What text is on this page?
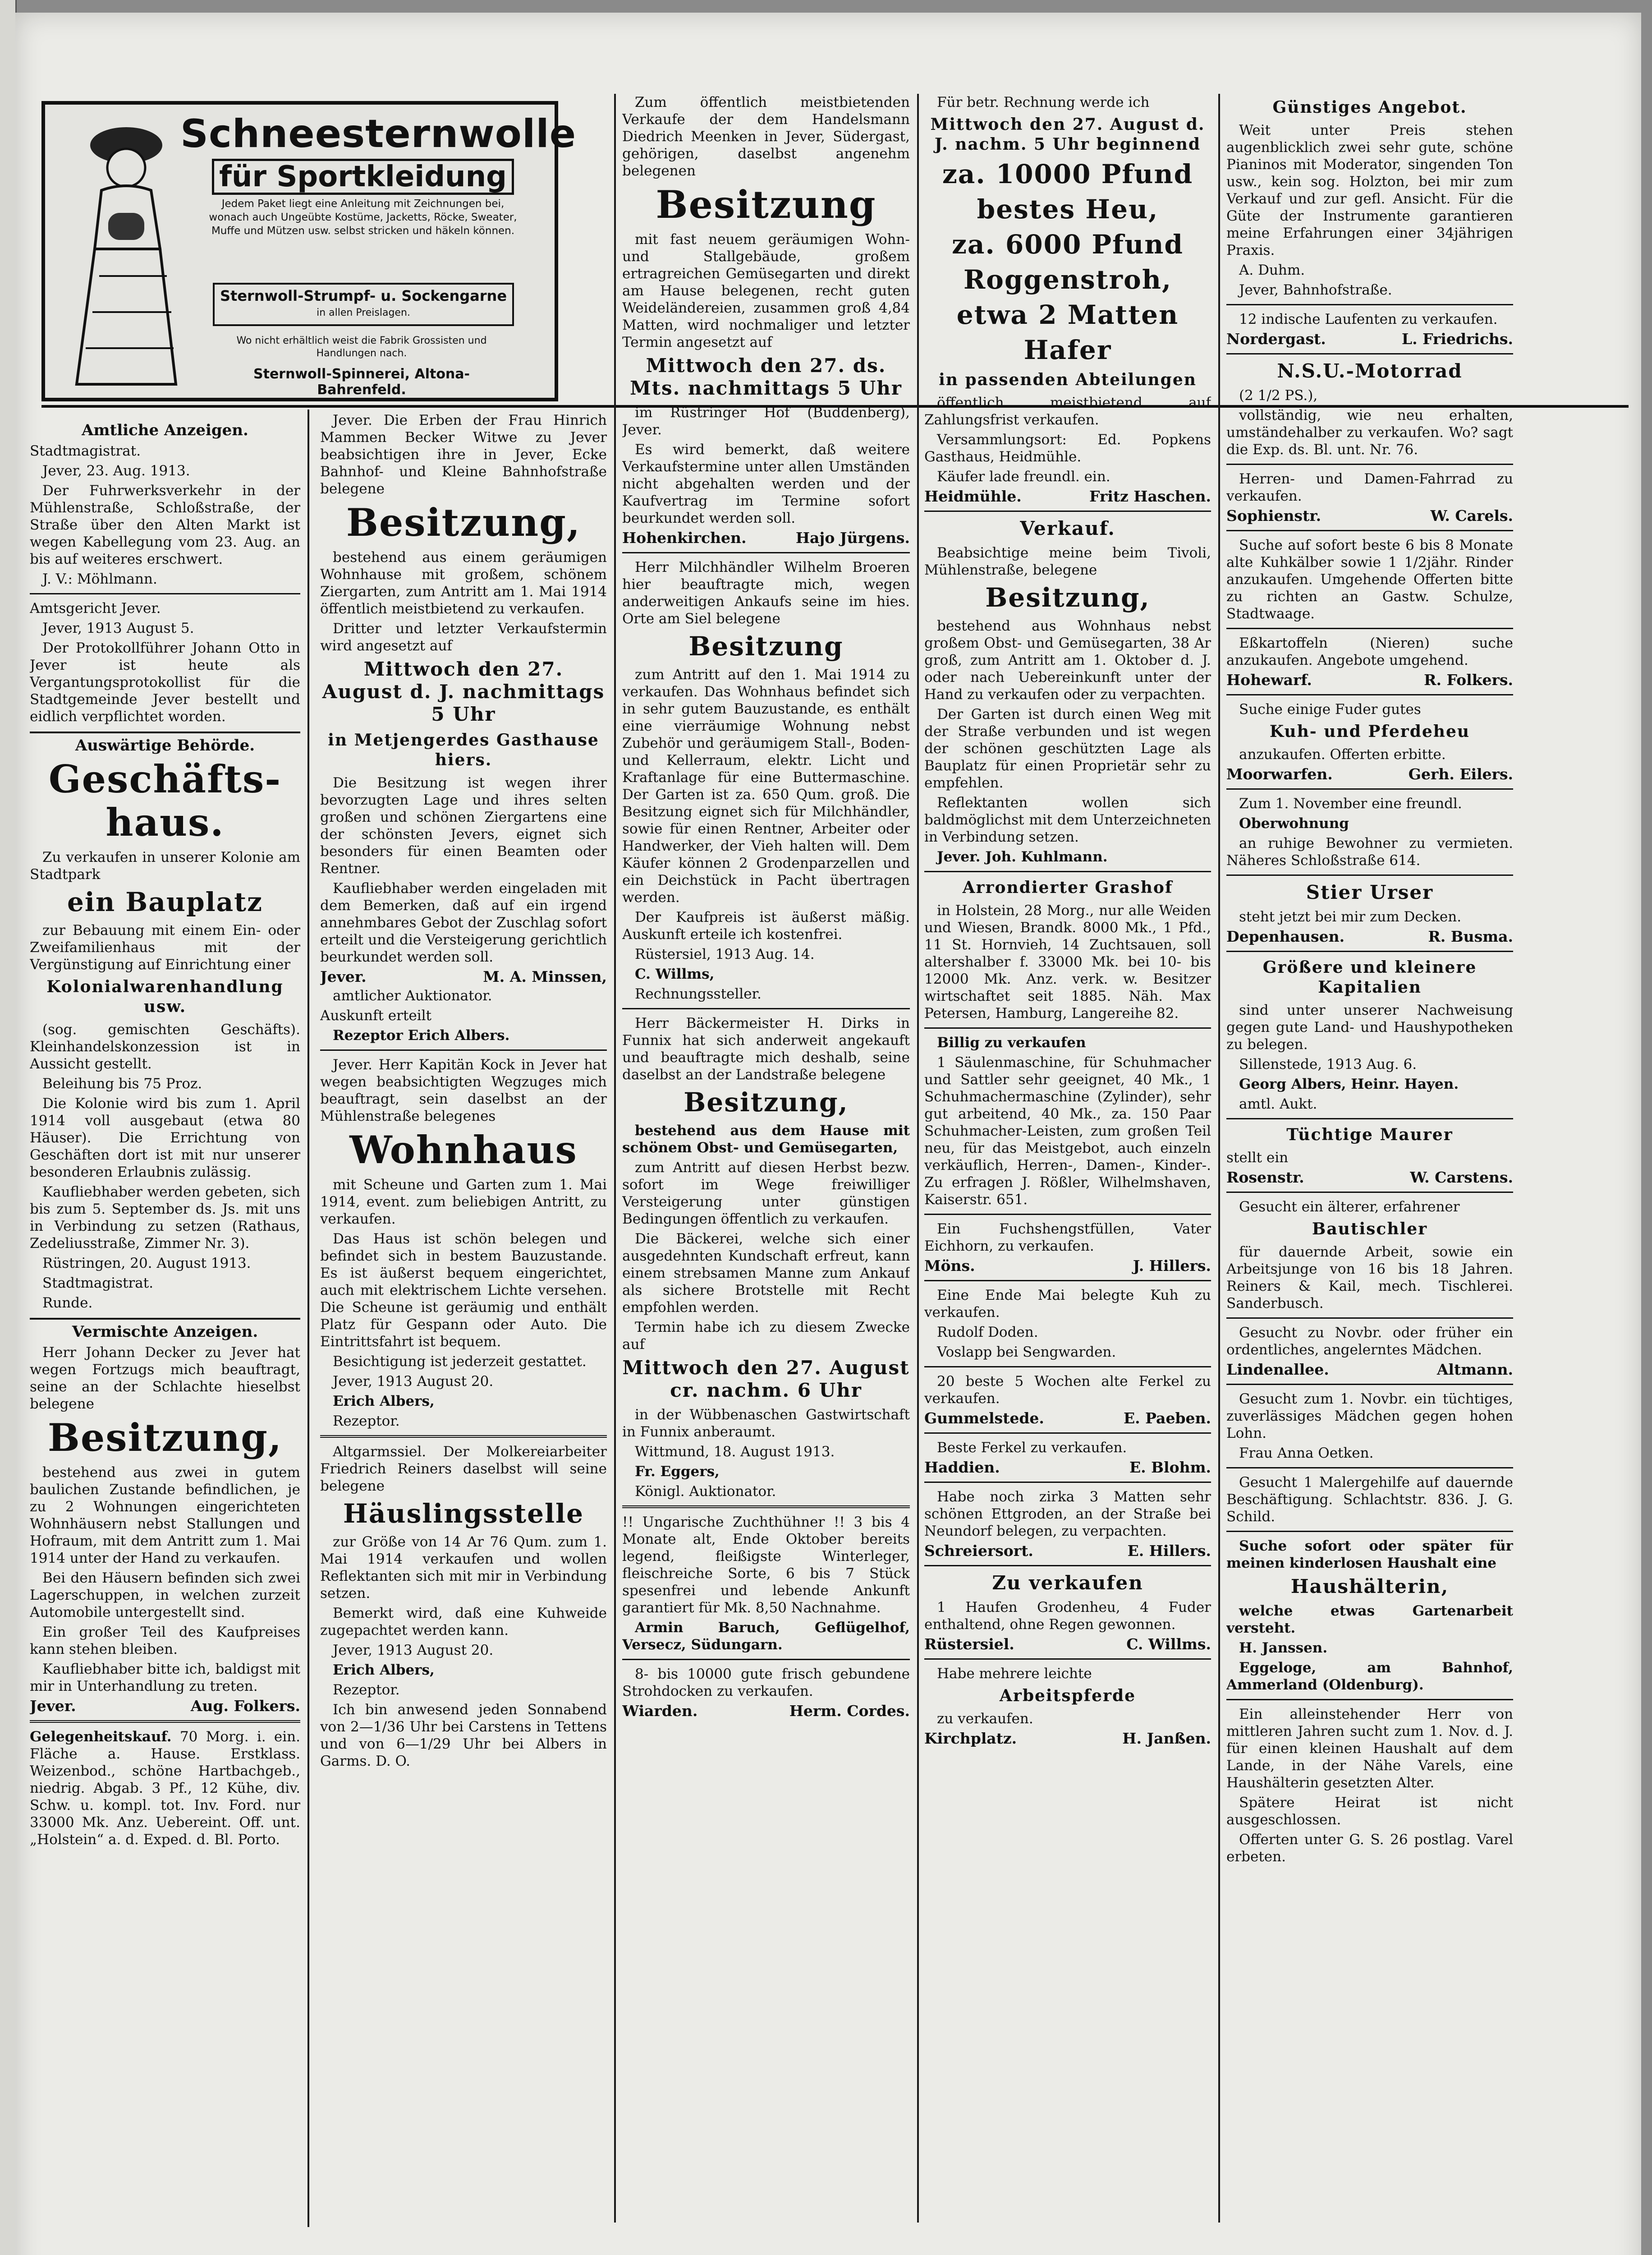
Schneesternwolle
für Sportkleidung
Jedem Paket liegt eine Anleitung mit Zeichnungen bei, wonach auch Ungeübte Kostüme, Jacketts, Röcke, Sweater, Muffe und Mützen usw. selbst stricken und häkeln können.
Sternwoll-Strumpf- u. Sockengarne
in allen Preislagen.
Wo nicht erhältlich weist die Fabrik Grossisten und Handlungen nach.
Sternwoll-Spinnerei, Altona-Bahrenfeld.
Amtliche Anzeigen.

Stadtmagistrat.

Jever, 23. Aug. 1913.

Der Fuhrwerksverkehr in der Mühlenstraße, Schloßstraße, der Straße über den Alten Markt ist wegen Kabellegung vom 23. Aug. an bis auf weiteres erschwert.

J. V.: Möhlmann.

Amtsgericht Jever.

Jever, 1913 August 5.

Der Protokollführer Johann Otto in Jever ist heute als Vergantungsprotokollist für die Stadtgemeinde Jever bestellt und eidlich verpflichtet worden.

Auswärtige Behörde.
Geschäfts-haus.

Zu verkaufen in unserer Kolonie am Stadtpark

ein Bauplatz

zur Bebauung mit einem Ein- oder Zweifamilienhaus mit der Vergünstigung auf Einrichtung einer

Kolonialwarenhandlung usw.

(sog. gemischten Geschäfts). Kleinhandelskonzession ist in Aussicht gestellt.

Beleihung bis 75 Proz.

Die Kolonie wird bis zum 1. April 1914 voll ausgebaut (etwa 80 Häuser). Die Errichtung von Geschäften dort ist mit nur unserer besonderen Erlaubnis zulässig.

Kaufliebhaber werden gebeten, sich bis zum 5. September ds. Js. mit uns in Verbindung zu setzen (Rathaus, Zedeliusstraße, Zimmer Nr. 3).

Rüstringen, 20. August 1913.

Stadtmagistrat.

Runde.

Vermischte Anzeigen.

Herr Johann Decker zu Jever hat wegen Fortzugs mich beauftragt, seine an der Schlachte hieselbst belegene

Besitzung,

bestehend aus zwei in gutem baulichen Zustande befindlichen, je zu 2 Wohnungen eingerichteten Wohnhäusern nebst Stallungen und Hofraum, mit dem Antritt zum 1. Mai 1914 unter der Hand zu verkaufen.

Bei den Häusern befinden sich zwei Lagerschuppen, in welchen zurzeit Automobile untergestellt sind.

Ein großer Teil des Kaufpreises kann stehen bleiben.

Kaufliebhaber bitte ich, baldigst mit mir in Unterhandlung zu treten.

Jever.	Aug. Folkers.

Gelegenheitskauf. 70 Morg. i. ein. Fläche a. Hause. Erstklass. Weizenbod., schöne Hartbachgeb., niedrig. Abgab. 3 Pf., 12 Kühe, div. Schw. u. kompl. tot. Inv. Ford. nur 33000 Mk. Anz. Uebereint. Off. unt. „Holstein“ a. d. Exped. d. Bl. Porto.

Jever. Die Erben der Frau Hinrich Mammen Becker Witwe zu Jever beabsichtigen ihre in Jever, Ecke Bahnhof- und Kleine Bahnhofstraße belegene

Besitzung,

bestehend aus einem geräumigen Wohnhause mit großem, schönem Ziergarten, zum Antritt am 1. Mai 1914 öffentlich meistbietend zu verkaufen.

Dritter und letzter Verkaufstermin wird angesetzt auf

Mittwoch den 27. August d. J. nachmittags 5 Uhr
in Metjengerdes Gasthause hiers.

Die Besitzung ist wegen ihrer bevorzugten Lage und ihres selten großen und schönen Ziergartens eine der schönsten Jevers, eignet sich besonders für einen Beamten oder Rentner.

Kaufliebhaber werden eingeladen mit dem Bemerken, daß auf ein irgend annehmbares Gebot der Zuschlag sofort erteilt und die Versteigerung gerichtlich beurkundet werden soll.

Jever.	M. A. Minssen,

amtlicher Auktionator.

Auskunft erteilt

Rezeptor Erich Albers.

Jever. Herr Kapitän Kock in Jever hat wegen beabsichtigten Wegzuges mich beauftragt, sein daselbst an der Mühlenstraße belegenes

Wohnhaus

mit Scheune und Garten zum 1. Mai 1914, event. zum beliebigen Antritt, zu verkaufen.

Das Haus ist schön belegen und befindet sich in bestem Bauzustande. Es ist äußerst bequem eingerichtet, auch mit elektrischem Lichte versehen. Die Scheune ist geräumig und enthält Platz für Gespann oder Auto. Die Eintrittsfahrt ist bequem.

Besichtigung ist jederzeit gestattet.

Jever, 1913 August 20.

Erich Albers,

Rezeptor.

Altgarmssiel. Der Molkereiarbeiter Friedrich Reiners daselbst will seine belegene

Häuslingsstelle

zur Größe von 14 Ar 76 Qum. zum 1. Mai 1914 verkaufen und wollen Reflektanten sich mit mir in Verbindung setzen.

Bemerkt wird, daß eine Kuhweide zugepachtet werden kann.

Jever, 1913 August 20.

Erich Albers,

Rezeptor.

Ich bin anwesend jeden Sonnabend von 2—1/36 Uhr bei Carstens in Tettens und von 6—1/29 Uhr bei Albers in Garms. D. O.

Zum öffentlich meistbietenden Verkaufe der dem Handelsmann Diedrich Meenken in Jever, Südergast, gehörigen, daselbst angenehm belegenen

Besitzung

mit fast neuem geräumigen Wohn- und Stallgebäude, großem ertragreichen Gemüsegarten und direkt am Hause belegenen, recht guten Weideländereien, zusammen groß 4,84 Matten, wird nochmaliger und letzter Termin angesetzt auf

Mittwoch den 27. ds. Mts. nachmittags 5 Uhr

im Rüstringer Hof (Buddenberg), Jever.

Es wird bemerkt, daß weitere Verkaufstermine unter allen Umständen nicht abgehalten werden und der Kaufvertrag im Termine sofort beurkundet werden soll.

Hohenkirchen.	Hajo Jürgens.

Herr Milchhändler Wilhelm Broeren hier beauftragte mich, wegen anderweitigen Ankaufs seine im hies. Orte am Siel belegene

Besitzung

zum Antritt auf den 1. Mai 1914 zu verkaufen. Das Wohnhaus befindet sich in sehr gutem Bauzustande, es enthält eine vierräumige Wohnung nebst Zubehör und geräumigem Stall-, Boden- und Kellerraum, elektr. Licht und Kraftanlage für eine Buttermaschine. Der Garten ist za. 650 Qum. groß. Die Besitzung eignet sich für Milchhändler, sowie für einen Rentner, Arbeiter oder Handwerker, der Vieh halten will. Dem Käufer können 2 Grodenparzellen und ein Deichstück in Pacht übertragen werden.

Der Kaufpreis ist äußerst mäßig. Auskunft erteile ich kostenfrei.

Rüstersiel, 1913 Aug. 14.

C. Willms,

Rechnungssteller.

Herr Bäckermeister H. Dirks in Funnix hat sich anderweit angekauft und beauftragte mich deshalb, seine daselbst an der Landstraße belegene

Besitzung,

bestehend aus dem Hause mit schönem Obst- und Gemüsegarten,

zum Antritt auf diesen Herbst bezw. sofort im Wege freiwilliger Versteigerung unter günstigen Bedingungen öffentlich zu verkaufen.

Die Bäckerei, welche sich einer ausgedehnten Kundschaft erfreut, kann einem strebsamen Manne zum Ankauf als sichere Brotstelle mit Recht empfohlen werden.

Termin habe ich zu diesem Zwecke auf

Mittwoch den 27. August cr. nachm. 6 Uhr

in der Wübbenaschen Gastwirtschaft in Funnix anberaumt.

Wittmund, 18. August 1913.

Fr. Eggers,

Königl. Auktionator.

!! Ungarische Zuchthühner !! 3 bis 4 Monate alt, Ende Oktober bereits legend, fleißigste Winterleger, fleischreiche Sorte, 6 bis 7 Stück spesenfrei und lebende Ankunft garantiert für Mk. 8,50 Nachnahme.

Armin Baruch, Geflügelhof, Versecz, Südungarn.

8- bis 10000 gute frisch gebundene Strohdocken zu verkaufen.

Wiarden.	Herm. Cordes.

Für betr. Rechnung werde ich

Mittwoch den 27. August d. J. nachm. 5 Uhr beginnend
za. 10000 Pfund
bestes Heu,
za. 6000 Pfund
Roggenstroh,
etwa 2 Matten
Hafer
in passenden Abteilungen

öffentlich meistbietend auf Zahlungsfrist verkaufen.

Versammlungsort: Ed. Popkens Gasthaus, Heidmühle.

Käufer lade freundl. ein.

Heidmühle.	Fritz Haschen.
Verkauf.

Beabsichtige meine beim Tivoli, Mühlenstraße, belegene

Besitzung,

bestehend aus Wohnhaus nebst großem Obst- und Gemüsegarten, 38 Ar groß, zum Antritt am 1. Oktober d. J. oder nach Uebereinkunft unter der Hand zu verkaufen oder zu verpachten.

Der Garten ist durch einen Weg mit der Straße verbunden und ist wegen der schönen geschützten Lage als Bauplatz für einen Proprietär sehr zu empfehlen.

Reflektanten wollen sich baldmöglichst mit dem Unterzeichneten in Verbindung setzen.

Jever. Joh. Kuhlmann.

Arrondierter Grashof

in Holstein, 28 Morg., nur alle Weiden und Wiesen, Brandk. 8000 Mk., 1 Pfd., 11 St. Hornvieh, 14 Zuchtsauen, soll altershalber f. 33000 Mk. bei 10- bis 12000 Mk. Anz. verk. w. Besitzer wirtschaftet seit 1885. Näh. Max Petersen, Hamburg, Langereihe 82.

Billig zu verkaufen

1 Säulenmaschine, für Schuhmacher und Sattler sehr geeignet, 40 Mk., 1 Schuhmachermaschine (Zylinder), sehr gut arbeitend, 40 Mk., za. 150 Paar Schuhmacher-Leisten, zum großen Teil neu, für das Meistgebot, auch einzeln verkäuflich, Herren-, Damen-, Kinder-. Zu erfragen J. Rößler, Wilhelmshaven, Kaiserstr. 651.

Ein Fuchshengstfüllen, Vater Eichhorn, zu verkaufen.

Möns.	J. Hillers.

Eine Ende Mai belegte Kuh zu verkaufen.

Rudolf Doden.

Voslapp bei Sengwarden.

20 beste 5 Wochen alte Ferkel zu verkaufen.

Gummelstede.	E. Paeben.

Beste Ferkel zu verkaufen.

Haddien.	E. Blohm.

Habe noch zirka 3 Matten sehr schönen Ettgroden, an der Straße bei Neundorf belegen, zu verpachten.

Schreiersort.	E. Hillers.
Zu verkaufen

1 Haufen Grodenheu, 4 Fuder enthaltend, ohne Regen gewonnen.

Rüstersiel.	C. Willms.

Habe mehrere leichte

Arbeitspferde

zu verkaufen.

Kirchplatz.	H. Janßen.
Günstiges Angebot.

Weit unter Preis stehen augenblicklich zwei sehr gute, schöne Pianinos mit Moderator, singenden Ton usw., kein sog. Holzton, bei mir zum Verkauf und zur gefl. Ansicht. Für die Güte der Instrumente garantieren meine Erfahrungen einer 34jährigen Praxis.

A. Duhm.

Jever, Bahnhofstraße.

12 indische Laufenten zu verkaufen.

Nordergast.	L. Friedrichs.
N.S.U.-Motorrad

(2 1/2 PS.),

vollständig, wie neu erhalten, umständehalber zu verkaufen. Wo? sagt die Exp. ds. Bl. unt. Nr. 76.

Herren- und Damen-Fahrrad zu verkaufen.

Sophienstr.	W. Carels.

Suche auf sofort beste 6 bis 8 Monate alte Kuhkälber sowie 1 1/2jähr. Rinder anzukaufen. Umgehende Offerten bitte zu richten an Gastw. Schulze, Stadtwaage.

Eßkartoffeln (Nieren) suche anzukaufen. Angebote umgehend.

Hohewarf.	R. Folkers.

Suche einige Fuder gutes

Kuh- und Pferdeheu

anzukaufen. Offerten erbitte.

Moorwarfen.	Gerh. Eilers.

Zum 1. November eine freundl.

Oberwohnung

an ruhige Bewohner zu vermieten. Näheres Schloßstraße 614.

Stier Urser

steht jetzt bei mir zum Decken.

Depenhausen.	R. Busma.
Größere und kleinere Kapitalien

sind unter unserer Nachweisung gegen gute Land- und Haushypotheken zu belegen.

Sillenstede, 1913 Aug. 6.

Georg Albers, Heinr. Hayen.

amtl. Aukt.

Tüchtige Maurer

stellt ein

Rosenstr.	W. Carstens.

Gesucht ein älterer, erfahrener

Bautischler

für dauernde Arbeit, sowie ein Arbeitsjunge von 16 bis 18 Jahren. Reiners & Kail, mech. Tischlerei. Sanderbusch.

Gesucht zu Novbr. oder früher ein ordentliches, angelerntes Mädchen.

Lindenallee.	Altmann.

Gesucht zum 1. Novbr. ein tüchtiges, zuverlässiges Mädchen gegen hohen Lohn.

Frau Anna Oetken.

Gesucht 1 Malergehilfe auf dauernde Beschäftigung. Schlachtstr. 836. J. G. Schild.

Suche sofort oder später für meinen kinderlosen Haushalt eine

Haushälterin,

welche etwas Gartenarbeit versteht.

H. Janssen.

Eggeloge, am Bahnhof, Ammerland (Oldenburg).

Ein alleinstehender Herr von mittleren Jahren sucht zum 1. Nov. d. J. für einen kleinen Haushalt auf dem Lande, in der Nähe Varels, eine Haushälterin gesetzten Alter.

Spätere Heirat ist nicht ausgeschlossen.

Offerten unter G. S. 26 postlag. Varel erbeten.
